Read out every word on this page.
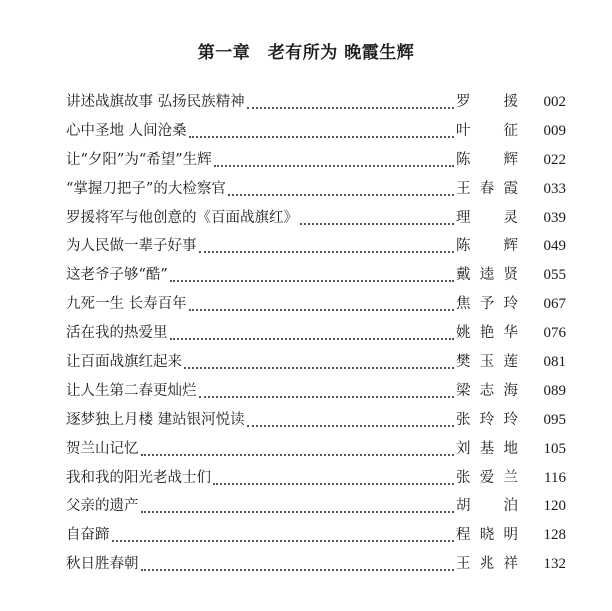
第一章　老有所为 晚霞生辉
讲述战旗故事 弘扬民族精神	罗　援	002
心中圣地 人间沧桑	叶　征	009
让“夕阳”为“希望”生辉	陈　辉	022
“掌握刀把子”的大检察官	王春霞	033
罗援将军与他创意的《百面战旗红》	理　灵	039
为人民做一辈子好事	陈　辉	049
这老爷子够“酷”	戴逵贤	055
九死一生 长寿百年	焦予玲	067
活在我的热爱里	姚艳华	076
让百面战旗红起来	樊玉莲	081
让人生第二春更灿烂	梁志海	089
逐梦独上月楼 建站银河悦读	张玲玲	095
贺兰山记忆	刘基地	105
我和我的阳光老战士们	张爱兰	116
父亲的遗产	胡　泊	120
自奋蹄	程晓明	128
秋日胜春朝	王兆祥	132
